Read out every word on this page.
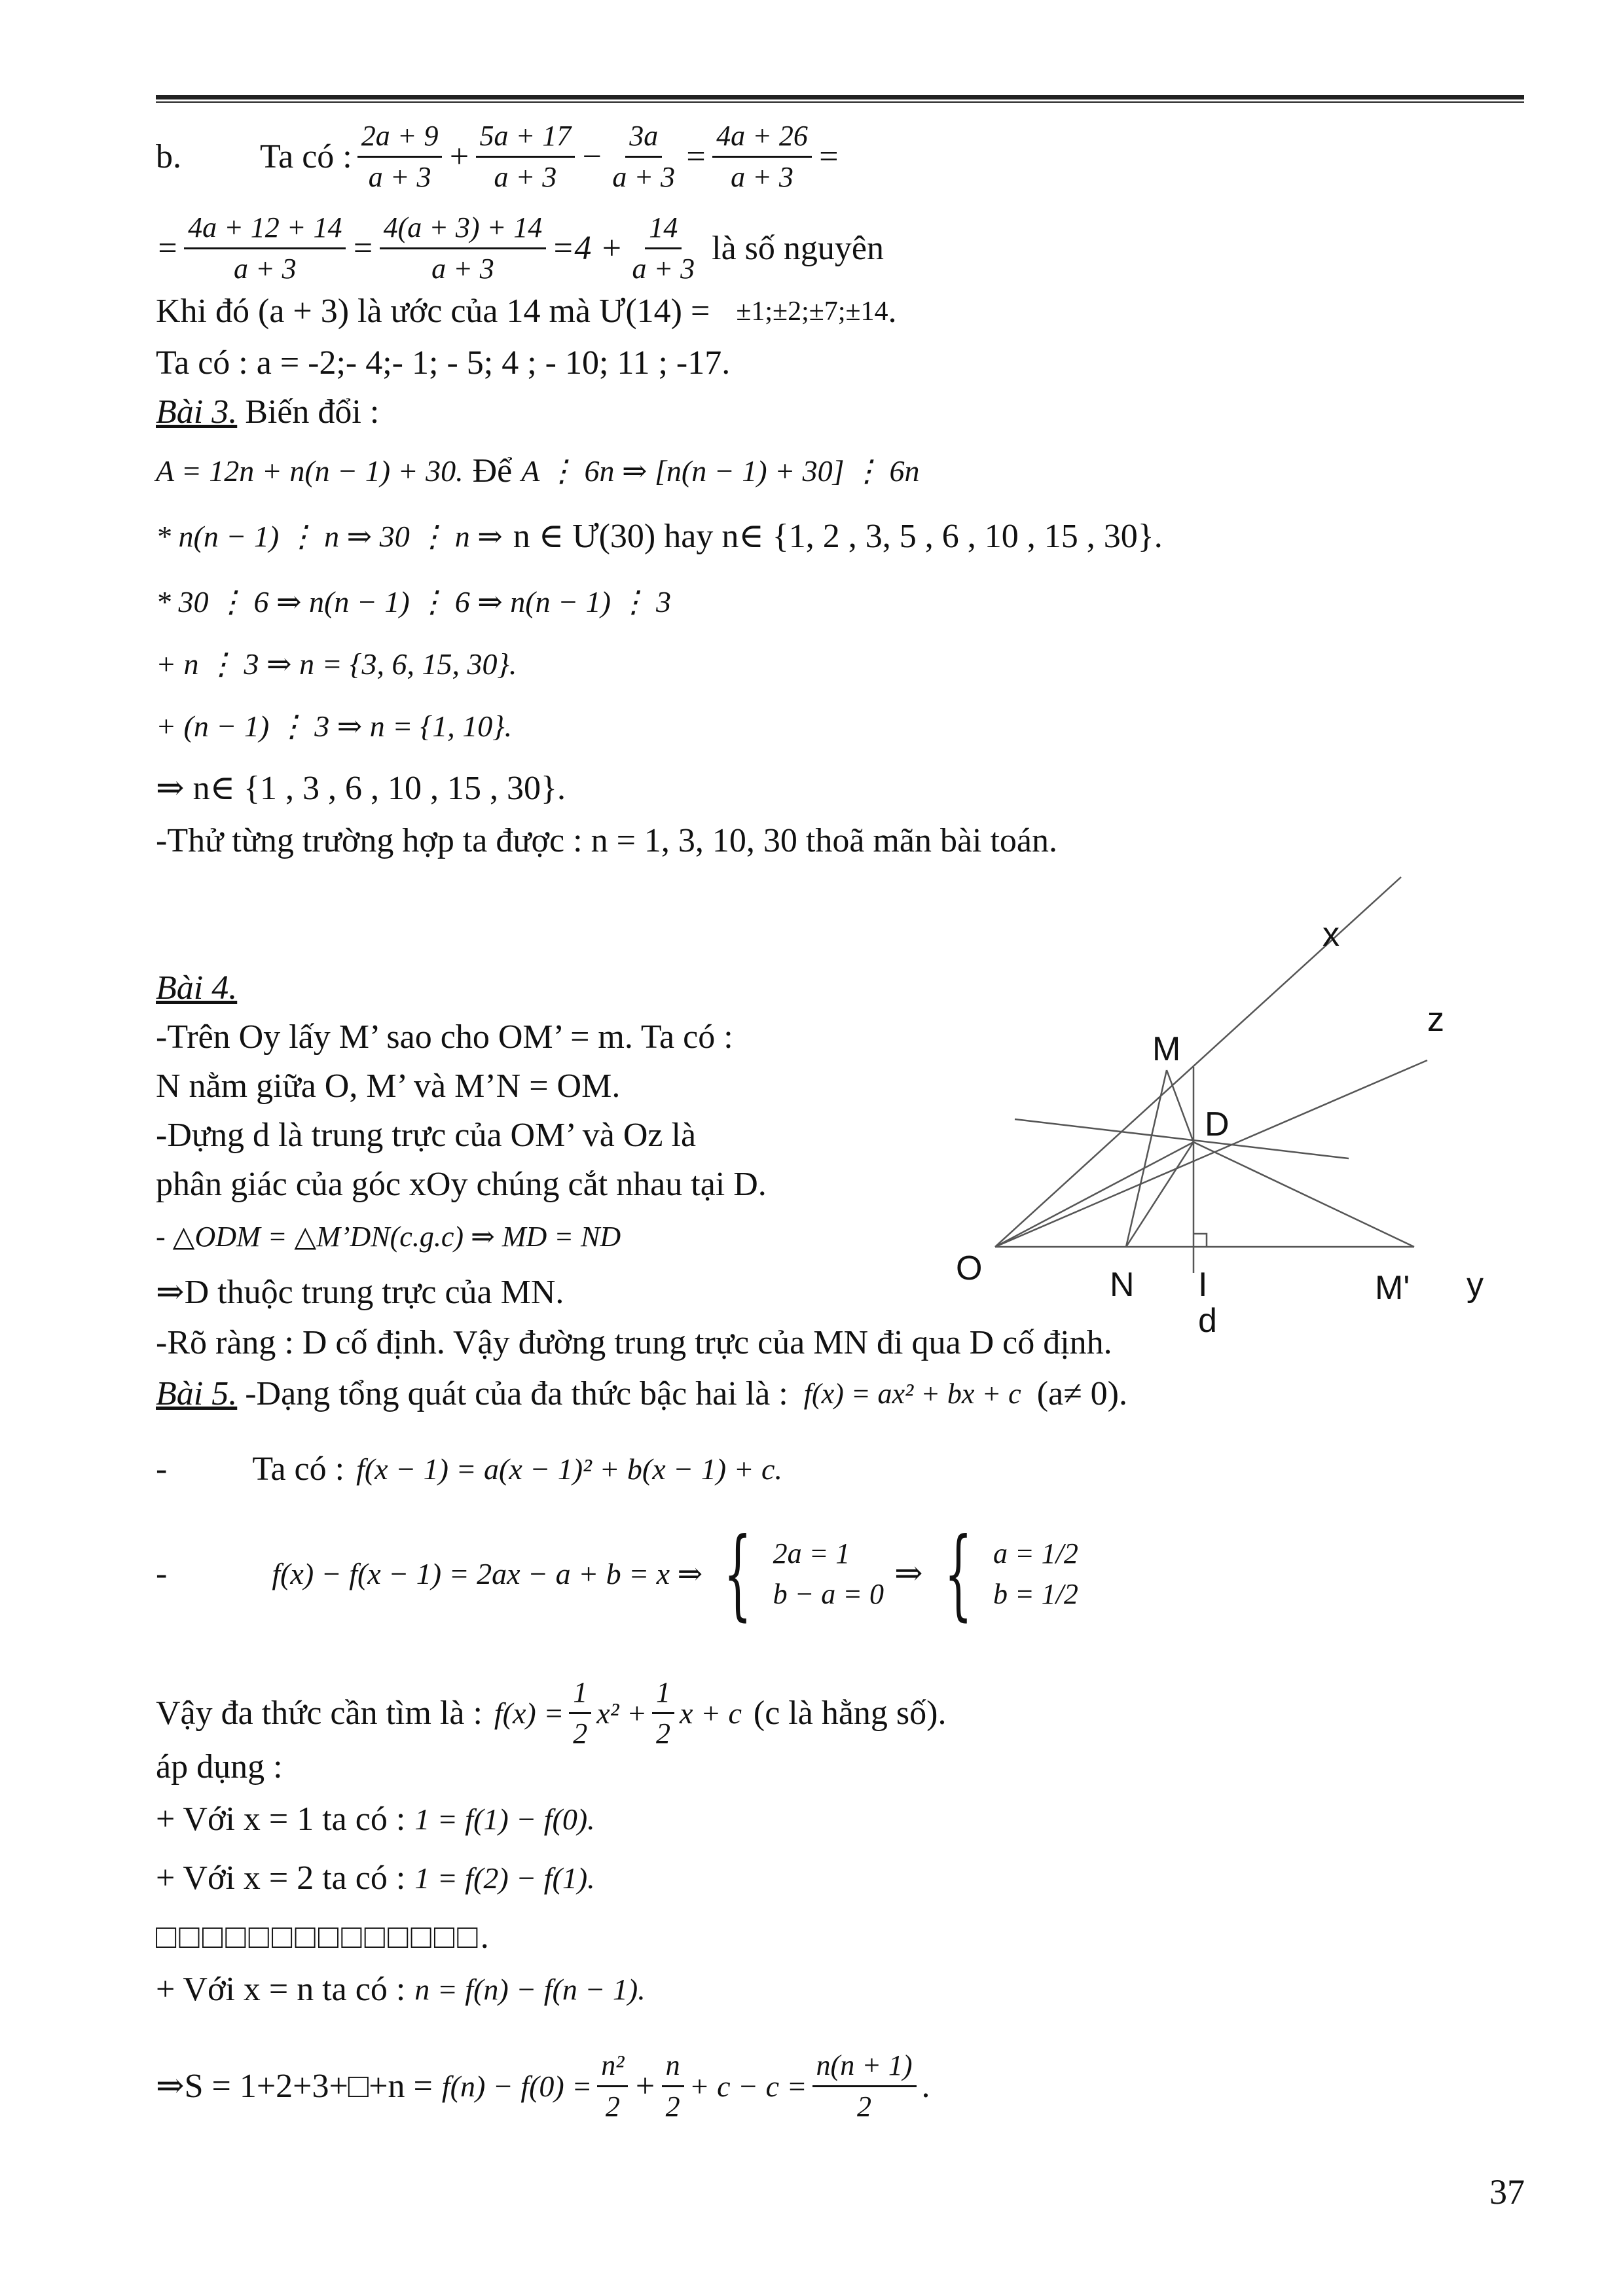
b. Ta có : $\frac{2a + 9}{a + 3} + \frac{5a + 17}{a + 3} - \frac{3a}{a + 3} = \frac{4a + 26}{a + 3}$ =
= $\frac{4a + 12 + 14}{a + 3} = \frac{4(a + 3) + 14}{a + 3} = 4 + \frac{14}{a + 3}$ là số nguyên
Khi đó (a + 3) là ước của 14 mà Ư(14) = ±1;±2;±7;±14 .
Ta có : a = -2;- 4;- 1; - 5; 4 ; - 10; 11 ; -17.
Bài 3. Biến đổi :
A = 12n + n(n − 1) + 30. Để A ⋮ 6n ⇒ [n(n − 1) + 30] ⋮ 6n
* n(n − 1) ⋮ n ⇒ 30 ⋮ n ⇒ n ∈ Ư(30) hay n∈ {1, 2 , 3, 5 , 6 , 10 , 15 , 30}.
* 30 ⋮ 6 ⇒ n(n − 1) ⋮ 6 ⇒ n(n − 1) ⋮ 3
+ n ⋮ 3 ⇒ n = {3, 6, 15, 30}.
+ (n − 1) ⋮ 3 ⇒ n = {1, 10}.
⇒ n∈ {1 , 3 , 6 , 10 , 15 , 30}.
-Thử từng trường hợp ta được : n = 1, 3, 10, 30 thoã mãn bài toán.
Bài 4.
-Trên Oy lấy M’ sao cho OM’ = m. Ta có :
N nằm giữa O, M’ và M’N = OM.
-Dựng d là trung trực của OM’ và Oz là
phân giác của góc xOy chúng cắt nhau tại D.
- △ODM = △M’DN(c.g.c) ⇒ MD = ND
⇒D thuộc trung trực của MN.
-Rõ ràng : D cố định. Vậy đường trung trực của MN đi qua D cố định.
x
z
M
D
O	N I	M' y
d
Bài 5. -Dạng tổng quát của đa thức bậc hai là : f(x) = ax² + bx + c (a≠ 0).
-	Ta có : f(x − 1) = a(x − 1)² + b(x − 1) + c.
-	f(x) − f(x − 1) = 2ax − a + b = x ⇒ { 2a = 1
b − a = 0
⇒ { a = 1/2
b = 1/2
Vậy đa thức cần tìm là : $f(x) = \frac{1}{2} x^2 + \frac{1}{2}$ x + c (c là hằng số).
áp dụng :
+ Với x = 1 ta có : 1 = f(1) − f(0).
+ Với x = 2 ta có : 1 = f(2) − f(1).
□□□□□□□□□□□□□□.
+ Với x = n ta có : n = f(n) − f(n − 1).
⇒S = 1+2+3+□+n = $f(n) - f(0) = \frac{\text{n²}}{2} + \frac{n}{2} + c - c = \frac{n(n + 1)}{2}$ .
37
